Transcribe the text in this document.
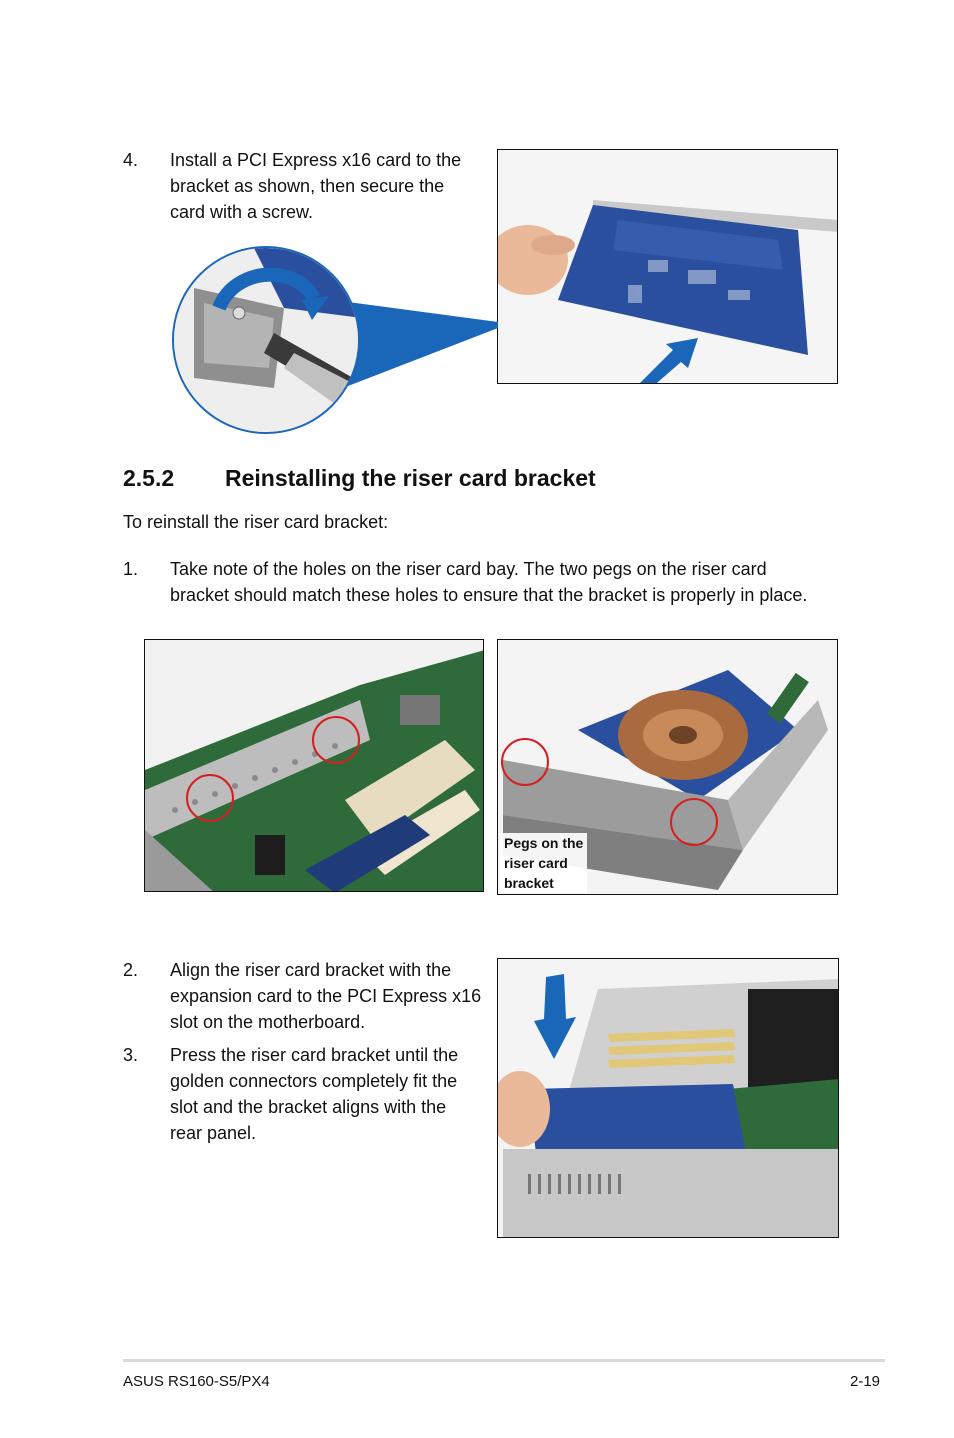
4. Install a PCI Express x16 card to the bracket as shown, then secure the card with a screw.
2.5.2 Reinstalling the riser card bracket
To reinstall the riser card bracket:
1. Take note of the holes on the riser card bay. The two pegs on the riser card bracket should match these holes to ensure that the bracket is properly in place.
Pegs on the
riser card
bracket
2. Align the riser card bracket with the expansion card to the PCI Express x16 slot on the motherboard.
3. Press the riser card bracket until the golden connectors completely fit the slot and the bracket aligns with the rear panel.
ASUS RS160-S5/PX4	2-19
